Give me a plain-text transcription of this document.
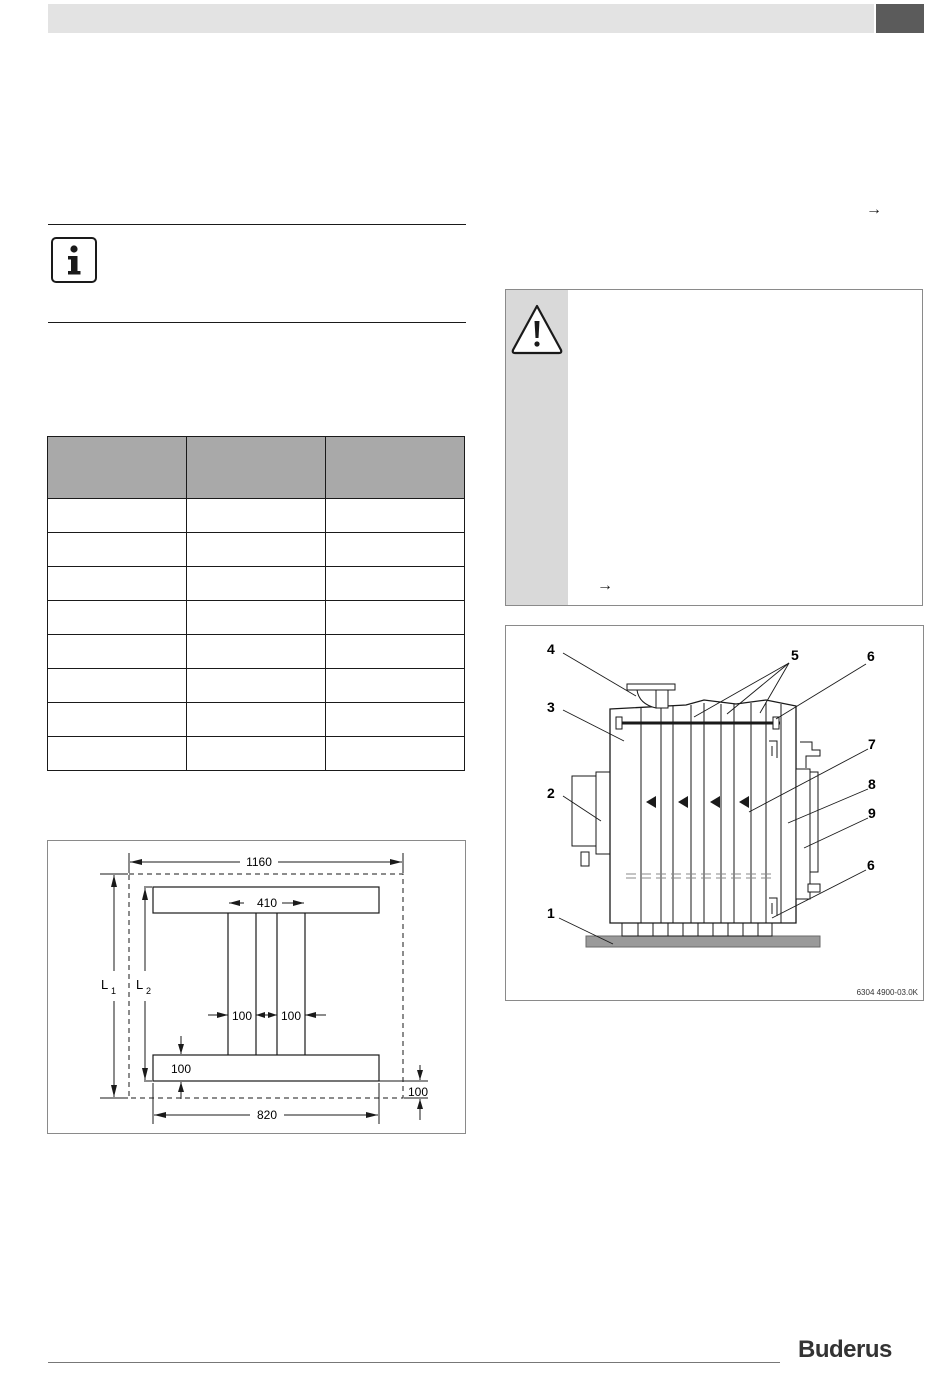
→

1160
410
L 1 L 2
100 100
100
100
820
→
4
3
2
1
5	6
6
7
8
9
6304 4900-03.0K
Buderus
